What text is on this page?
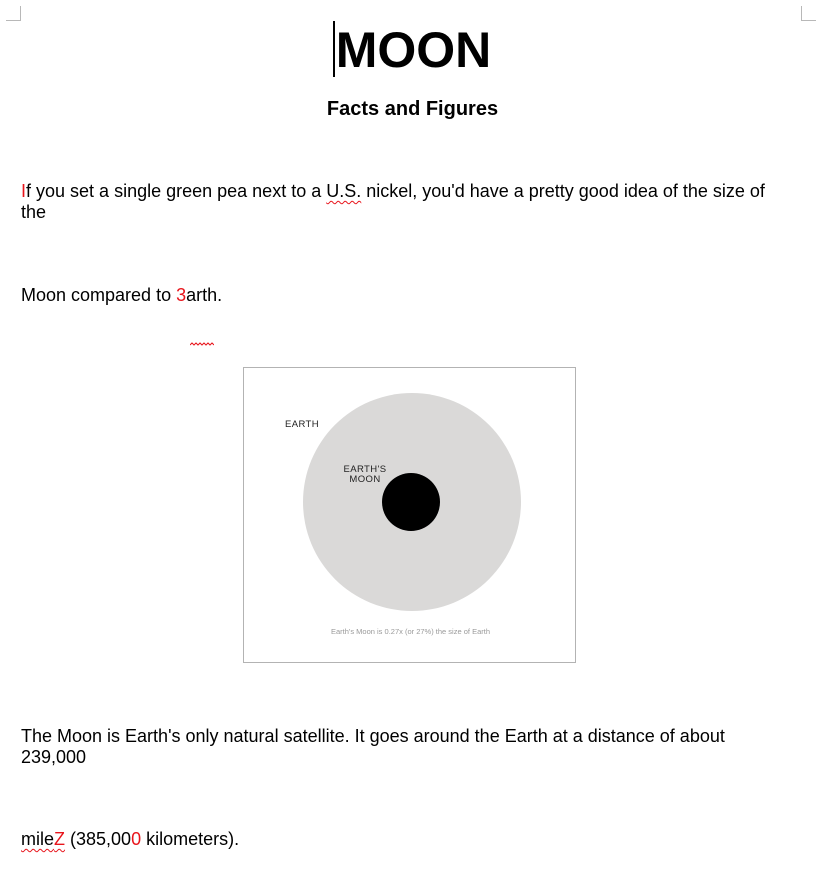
MOON
Facts and Figures
If you set a single green pea next to a U.S. nickel, you'd have a pretty good idea of the size of the
Moon compared to 3arth.
EARTH
EARTH'S
MOON
Earth's Moon is 0.27x (or 27%) the size of Earth
The Moon is Earth's only natural satellite. It goes around the Earth at a distance of about 239,000
mileZ (385,000 kilometers).
